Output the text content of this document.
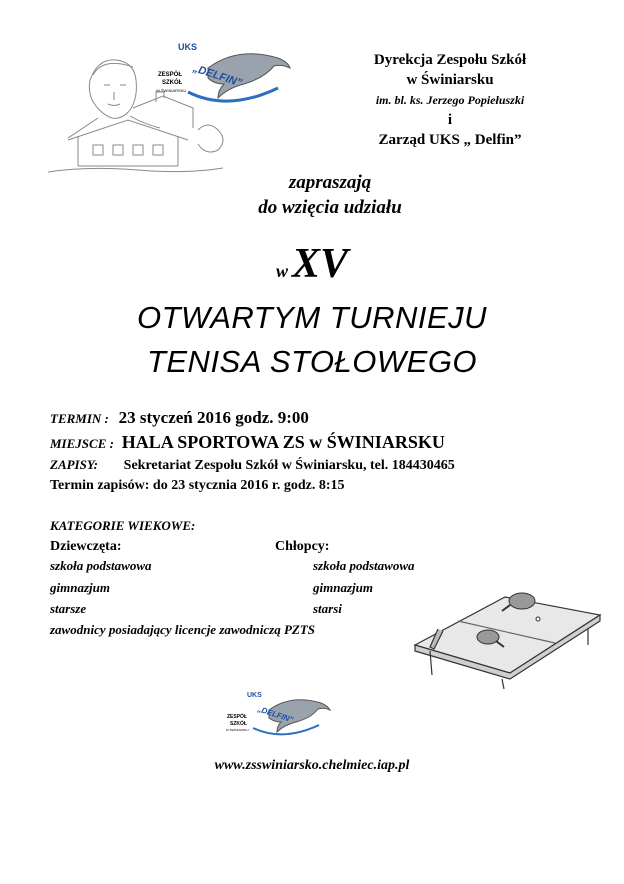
UKS
„DELFIN”
ZESPÓŁ
SZKÓŁ
W ŚWINIARSKU
Dyrekcja Zespołu Szkół
w Świniarsku
im. bl. ks. Jerzego Popiełuszki
i
Zarząd UKS „ Delfin”
zapraszają
do wzięcia udziału
w XV
OTWARTYM TURNIEJU
TENISA STOŁOWEGO
TERMIN : 23 styczeń 2016 godz. 9:00
MIEJSCE : HALA SPORTOWA ZS w ŚWINIARSKU
ZAPISY: Sekretariat Zespołu Szkół w Świniarsku, tel. 184430465
Termin zapisów: do 23 stycznia 2016 r. godz. 8:15
KATEGORIE WIEKOWE:
Dziewczęta:
szkoła podstawowa
gimnazjum
starsze
Chłopcy:
szkoła podstawowa
gimnazjum
starsi
zawodnicy posiadający licencje zawodniczą PZTS
UKS
„DELFIN”
ZESPÓŁ
SZKÓŁ
W ŚWINIARSKU
www.zsswiniarsko.chelmiec.iap.pl
